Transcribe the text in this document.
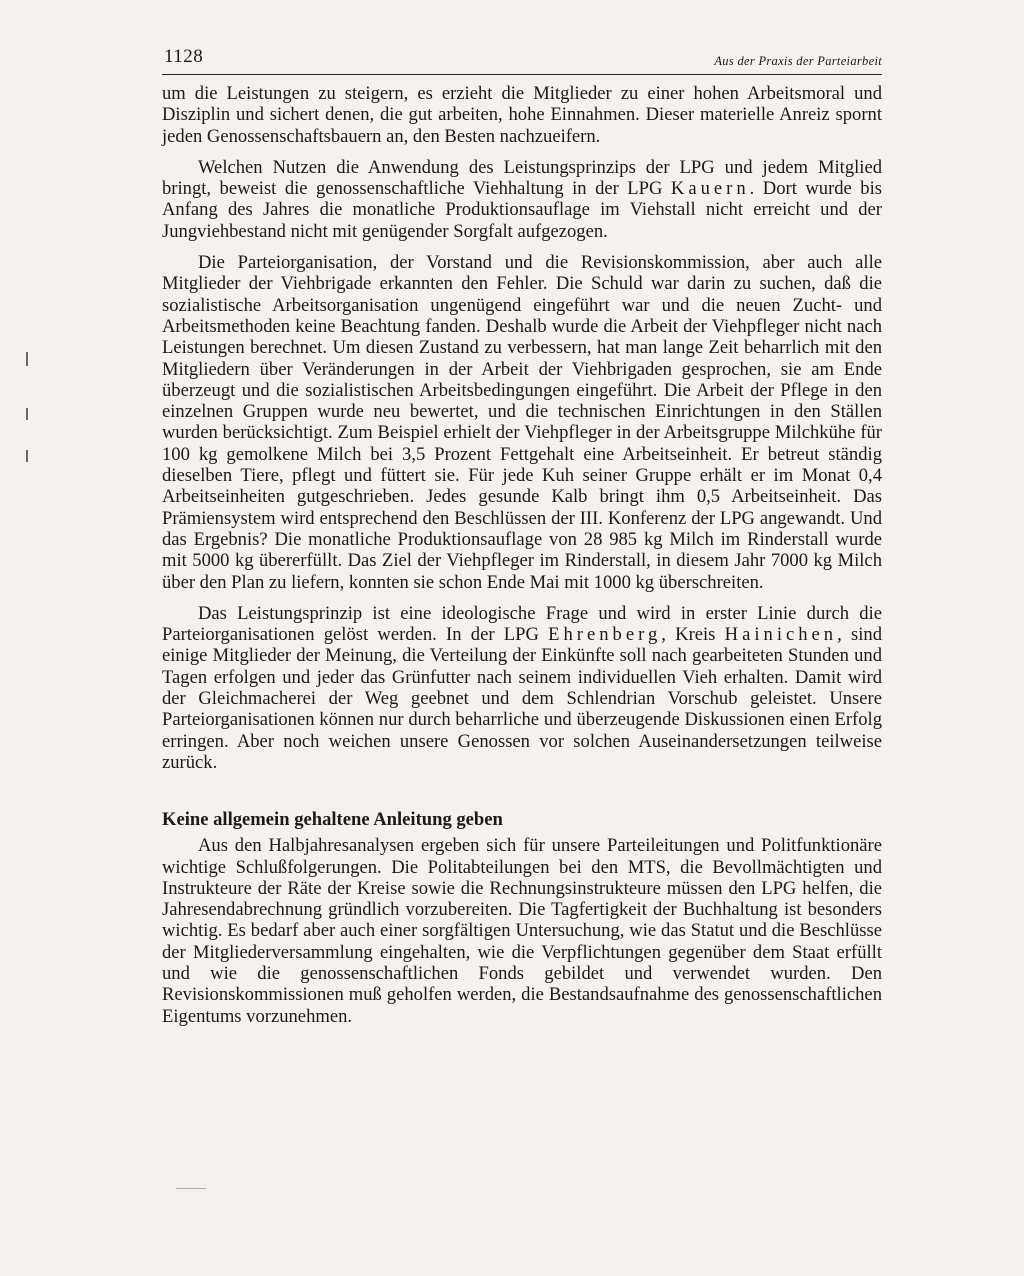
1128	Aus der Praxis der Parteiarbeit

um die Leistungen zu steigern, es erzieht die Mitglieder zu einer hohen Arbeitsmoral und Disziplin und sichert denen, die gut arbeiten, hohe Einnahmen. Dieser materielle Anreiz spornt jeden Genossenschaftsbauern an, den Besten nachzueifern.

Welchen Nutzen die Anwendung des Leistungsprinzips der LPG und jedem Mitglied bringt, beweist die genossenschaftliche Viehhaltung in der LPG Kauern. Dort wurde bis Anfang des Jahres die monatliche Produktionsauflage im Viehstall nicht erreicht und der Jungviehbestand nicht mit genügender Sorgfalt aufgezogen.

Die Parteiorganisation, der Vorstand und die Revisionskommission, aber auch alle Mitglieder der Viehbrigade erkannten den Fehler. Die Schuld war darin zu suchen, daß die sozialistische Arbeitsorganisation ungenügend eingeführt war und die neuen Zucht- und Arbeitsmethoden keine Beachtung fanden. Deshalb wurde die Arbeit der Viehpfleger nicht nach Leistungen berechnet. Um diesen Zustand zu verbessern, hat man lange Zeit beharrlich mit den Mitgliedern über Veränderungen in der Arbeit der Viehbrigaden gesprochen, sie am Ende überzeugt und die sozialistischen Arbeitsbedingungen eingeführt. Die Arbeit der Pflege in den einzelnen Gruppen wurde neu bewertet, und die technischen Einrichtungen in den Ställen wurden berücksichtigt. Zum Beispiel erhielt der Viehpfleger in der Arbeitsgruppe Milchkühe für 100 kg gemolkene Milch bei 3,5 Prozent Fettgehalt eine Arbeitseinheit. Er betreut ständig dieselben Tiere, pflegt und füttert sie. Für jede Kuh seiner Gruppe erhält er im Monat 0,4 Arbeitseinheiten gutgeschrieben. Jedes gesunde Kalb bringt ihm 0,5 Arbeitseinheit. Das Prämiensystem wird entsprechend den Beschlüssen der III. Konferenz der LPG angewandt. Und das Ergebnis? Die monatliche Produktionsauflage von 28 985 kg Milch im Rinderstall wurde mit 5000 kg übererfüllt. Das Ziel der Viehpfleger im Rinderstall, in diesem Jahr 7000 kg Milch über den Plan zu liefern, konnten sie schon Ende Mai mit 1000 kg überschreiten.

Das Leistungsprinzip ist eine ideologische Frage und wird in erster Linie durch die Parteiorganisationen gelöst werden. In der LPG Ehrenberg, Kreis Hainichen, sind einige Mitglieder der Meinung, die Verteilung der Einkünfte soll nach gearbeiteten Stunden und Tagen erfolgen und jeder das Grünfutter nach seinem individuellen Vieh erhalten. Damit wird der Gleichmacherei der Weg geebnet und dem Schlendrian Vorschub geleistet. Unsere Parteiorganisationen können nur durch beharrliche und überzeugende Diskussionen einen Erfolg erringen. Aber noch weichen unsere Genossen vor solchen Auseinandersetzungen teilweise zurück.

Keine allgemein gehaltene Anleitung geben

Aus den Halbjahresanalysen ergeben sich für unsere Parteileitungen und Politfunktionäre wichtige Schlußfolgerungen. Die Politabteilungen bei den MTS, die Bevollmächtigten und Instrukteure der Räte der Kreise sowie die Rechnungsinstrukteure müssen den LPG helfen, die Jahresendabrechnung gründlich vorzubereiten. Die Tagfertigkeit der Buchhaltung ist besonders wichtig. Es bedarf aber auch einer sorgfältigen Untersuchung, wie das Statut und die Beschlüsse der Mitgliederversammlung eingehalten, wie die Verpflichtungen gegenüber dem Staat erfüllt und wie die genossenschaftlichen Fonds gebildet und verwendet wurden. Den Revisionskommissionen muß geholfen werden, die Bestandsaufnahme des genossenschaftlichen Eigentums vorzunehmen.
